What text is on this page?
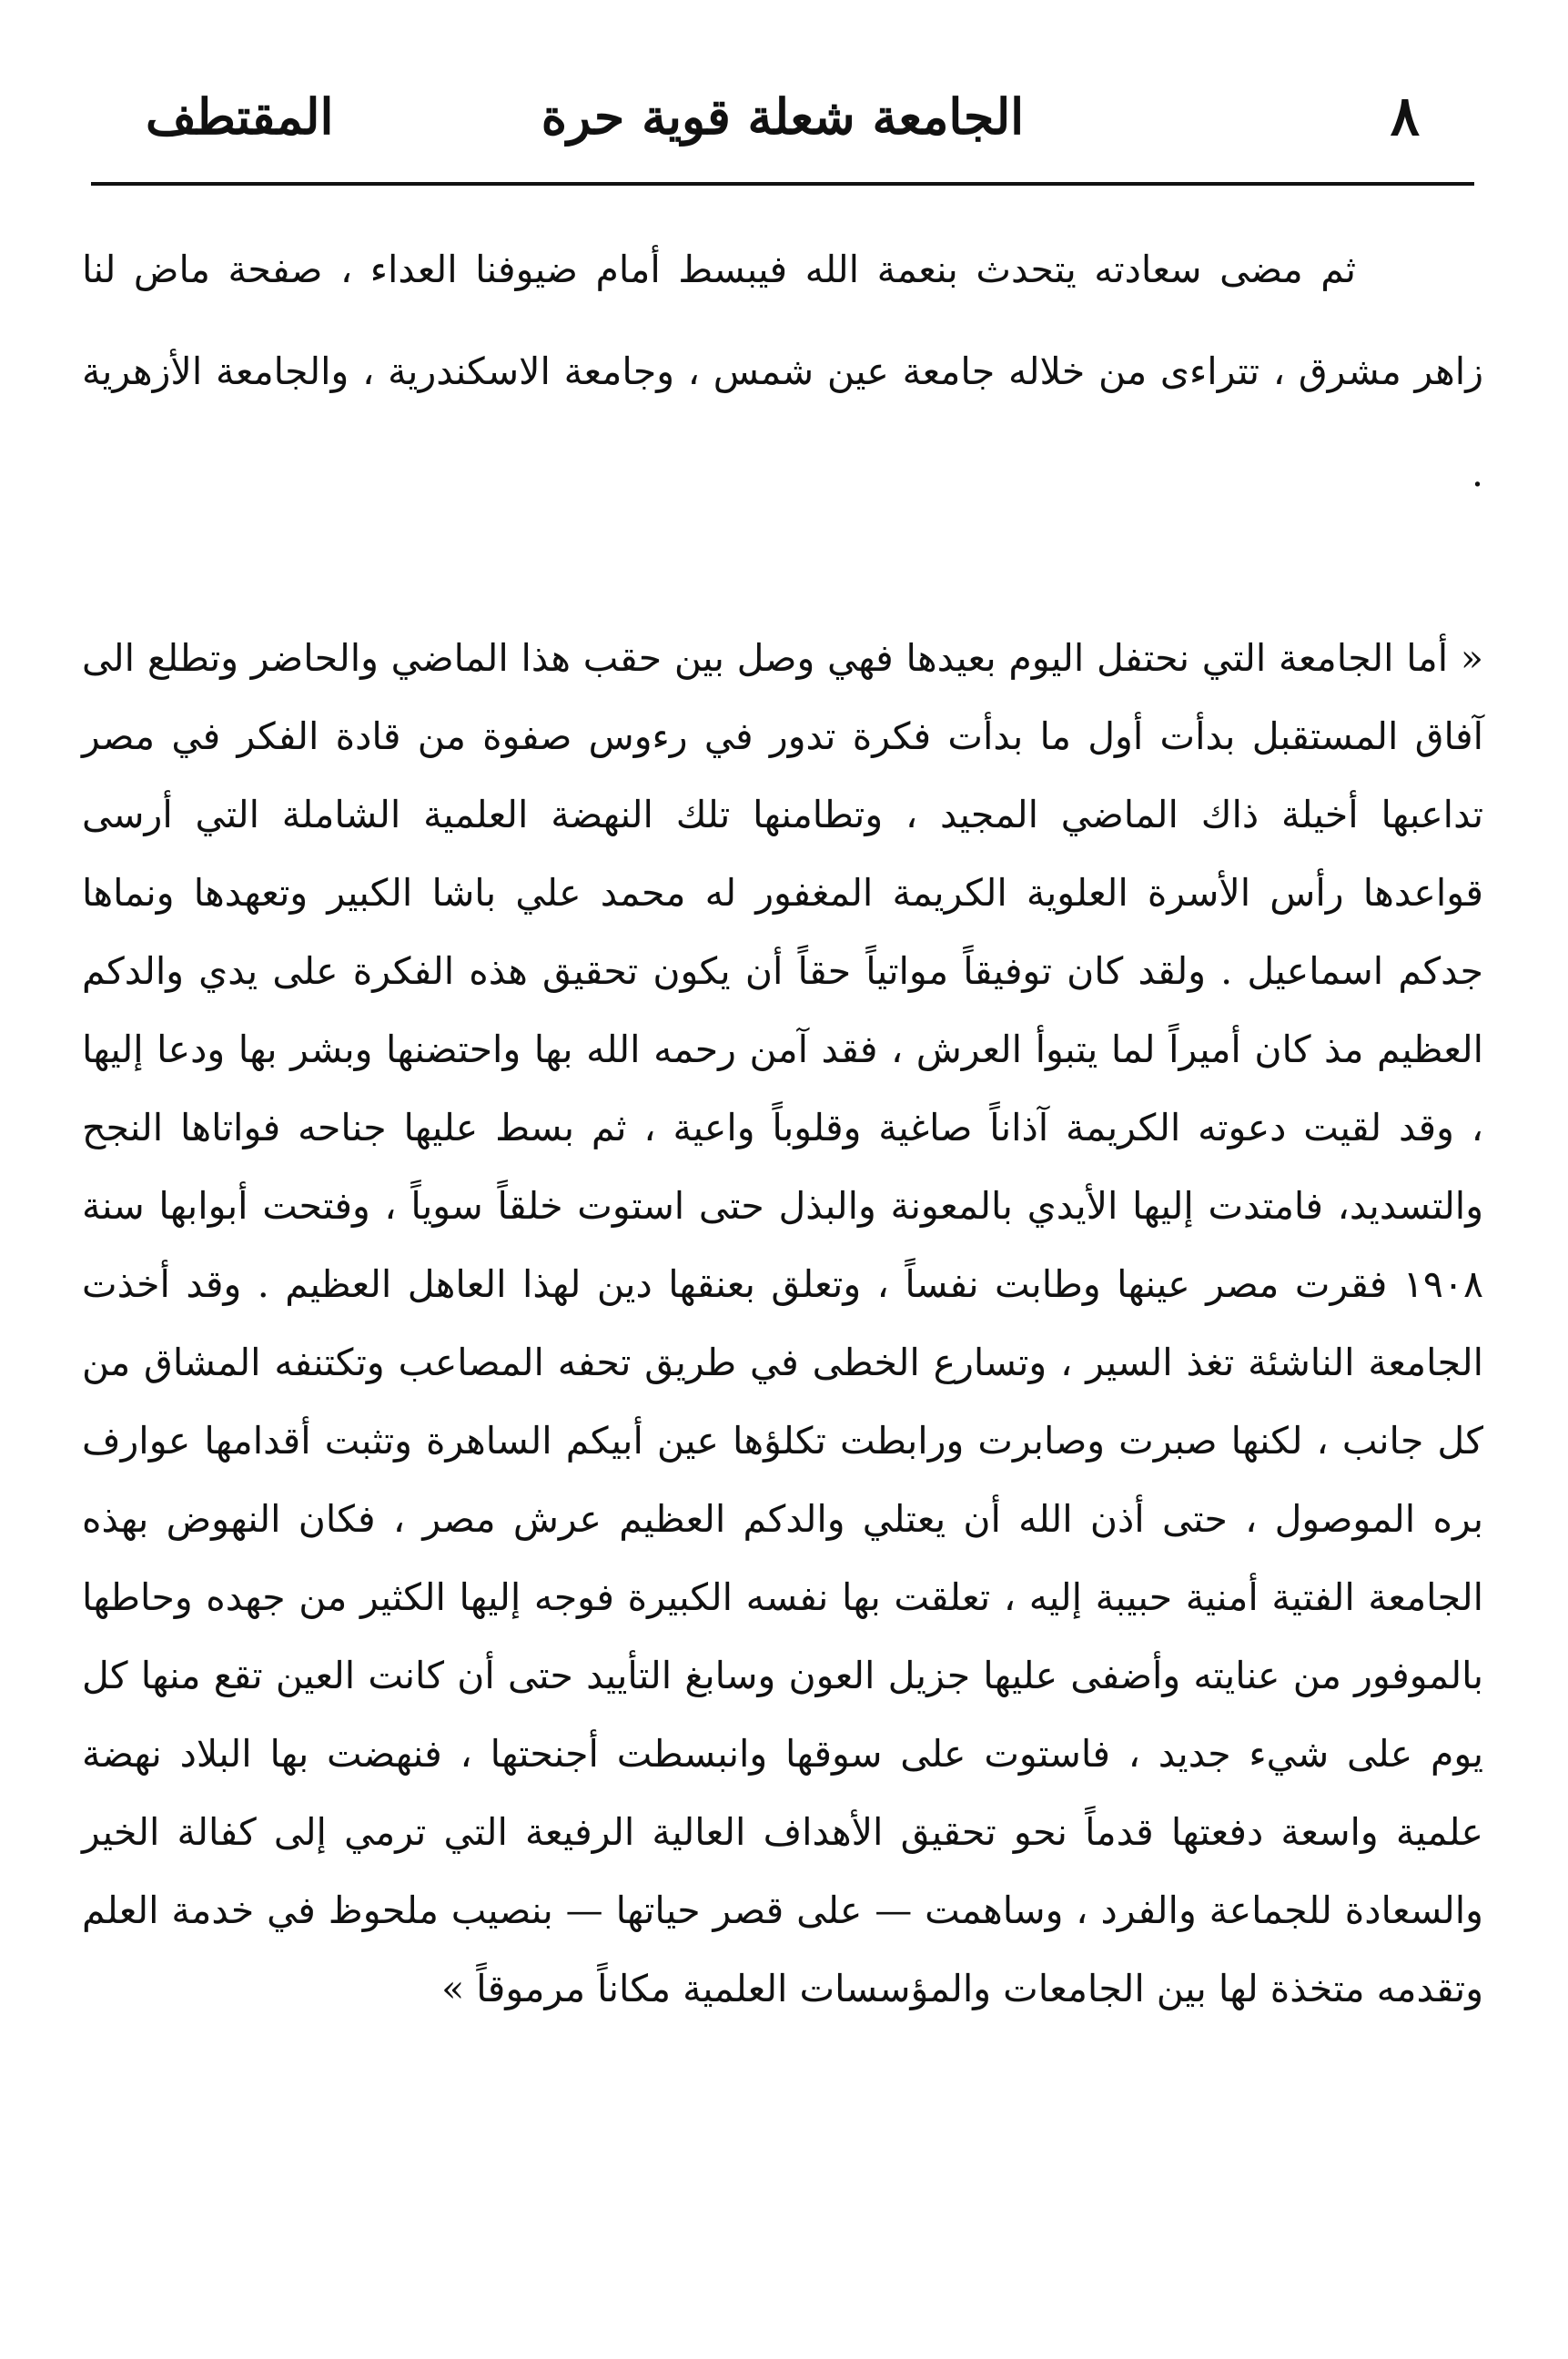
٨
الجامعة شعلة قوية حرة
المقتطف

ثم مضى سعادته يتحدث بنعمة الله فيبسط أمام ضيوفنا العداء ، صفحة ماض لنا زاهر مشرق ، تتراءى من خلاله جامعة عين شمس ، وجامعة الاسكندرية ، والجامعة الأزهرية .

« أما الجامعة التي نحتفل اليوم بعيدها فهي وصل بين حقب هذا الماضي والحاضر وتطلع الى آفاق المستقبل بدأت أول ما بدأت فكرة تدور في رءوس صفوة من قادة الفكر في مصر تداعبها أخيلة ذاك الماضي المجيد ، وتطامنها تلك النهضة العلمية الشاملة التي أرسى قواعدها رأس الأسرة العلوية الكريمة المغفور له محمد علي باشا الكبير وتعهدها ونماها جدكم اسماعيل . ولقد كان توفيقاً مواتياً حقاً أن يكون تحقيق هذه الفكرة على يدي والدكم العظيم مذ كان أميراً لما يتبوأ العرش ، فقد آمن رحمه الله بها واحتضنها وبشر بها ودعا إليها ، وقد لقيت دعوته الكريمة آذاناً صاغية وقلوباً واعية ، ثم بسط عليها جناحه فواتاها النجح والتسديد، فامتدت إليها الأيدي بالمعونة والبذل حتى استوت خلقاً سوياً ، وفتحت أبوابها سنة ١٩٠٨ فقرت مصر عينها وطابت نفساً ، وتعلق بعنقها دين لهذا العاهل العظيم . وقد أخذت الجامعة الناشئة تغذ السير ، وتسارع الخطى في طريق تحفه المصاعب وتكتنفه المشاق من كل جانب ، لكنها صبرت وصابرت ورابطت تكلؤها عين أبيكم الساهرة وتثبت أقدامها عوارف بره الموصول ، حتى أذن الله أن يعتلي والدكم العظيم عرش مصر ، فكان النهوض بهذه الجامعة الفتية أمنية حبيبة إليه ، تعلقت بها نفسه الكبيرة فوجه إليها الكثير من جهده وحاطها بالموفور من عنايته وأضفى عليها جزيل العون وسابغ التأييد حتى أن كانت العين تقع منها كل يوم على شيء جديد ، فاستوت على سوقها وانبسطت أجنحتها ، فنهضت بها البلاد نهضة علمية واسعة دفعتها قدماً نحو تحقيق الأهداف العالية الرفيعة التي ترمي إلى كفالة الخير والسعادة للجماعة والفرد ، وساهمت — على قصر حياتها — بنصيب ملحوظ في خدمة العلم وتقدمه متخذة لها بين الجامعات والمؤسسات العلمية مكاناً مرموقاً »
